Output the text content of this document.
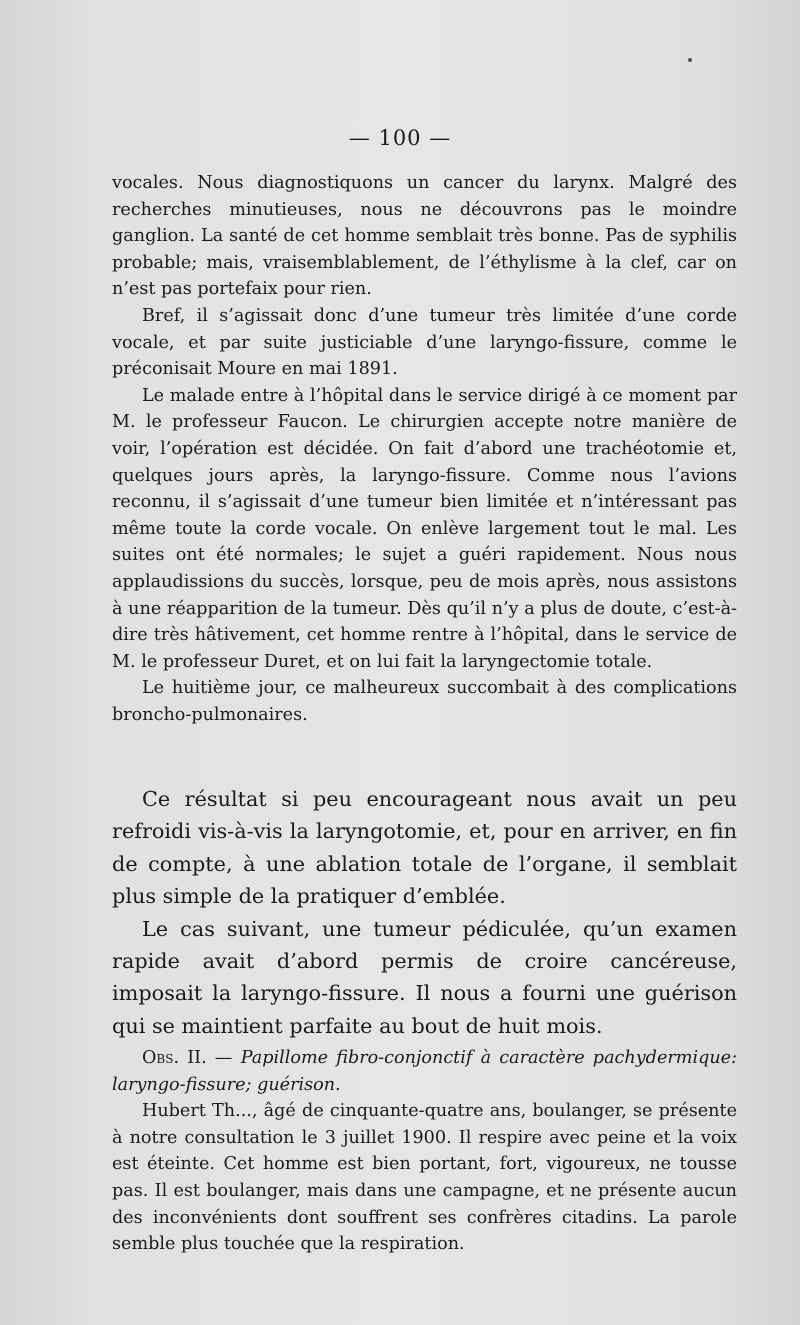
— 100 —

vocales. Nous diagnostiquons un cancer du larynx. Malgré des recherches minutieuses, nous ne découvrons pas le moindre ganglion. La santé de cet homme semblait très bonne. Pas de syphilis probable; mais, vraisemblablement, de l’éthylisme à la clef, car on n’est pas portefaix pour rien.

Bref, il s’agissait donc d’une tumeur très limitée d’une corde vocale, et par suite justiciable d’une laryngo-fissure, comme le préconisait Moure en mai 1891.

Le malade entre à l’hôpital dans le service dirigé à ce moment par M. le professeur Faucon. Le chirurgien accepte notre manière de voir, l’opération est décidée. On fait d’abord une trachéotomie et, quelques jours après, la laryngo-fissure. Comme nous l’avions reconnu, il s’agissait d’une tumeur bien limitée et n’intéressant pas même toute la corde vocale. On enlève largement tout le mal. Les suites ont été normales; le sujet a guéri rapidement. Nous nous applaudissions du succès, lorsque, peu de mois après, nous assistons à une réapparition de la tumeur. Dès qu’il n’y a plus de doute, c’est-à-dire très hâtivement, cet homme rentre à l’hôpital, dans le service de M. le professeur Duret, et on lui fait la laryngectomie totale.

Le huitième jour, ce malheureux succombait à des complications broncho-pulmonaires.

Ce résultat si peu encourageant nous avait un peu refroidi vis-à-vis la laryngotomie, et, pour en arriver, en fin de compte, à une ablation totale de l’organe, il semblait plus simple de la pratiquer d’emblée.

Le cas suivant, une tumeur pédiculée, qu’un examen rapide avait d’abord permis de croire cancéreuse, imposait la laryngo-fissure. Il nous a fourni une guérison qui se maintient parfaite au bout de huit mois.

Obs. II. — Papillome fibro-conjonctif à caractère pachydermique: laryngo-fissure; guérison.

Hubert Th..., âgé de cinquante-quatre ans, boulanger, se présente à notre consultation le 3 juillet 1900. Il respire avec peine et la voix est éteinte. Cet homme est bien portant, fort, vigoureux, ne tousse pas. Il est boulanger, mais dans une campagne, et ne présente aucun des inconvénients dont souffrent ses confrères citadins. La parole semble plus touchée que la respiration.
